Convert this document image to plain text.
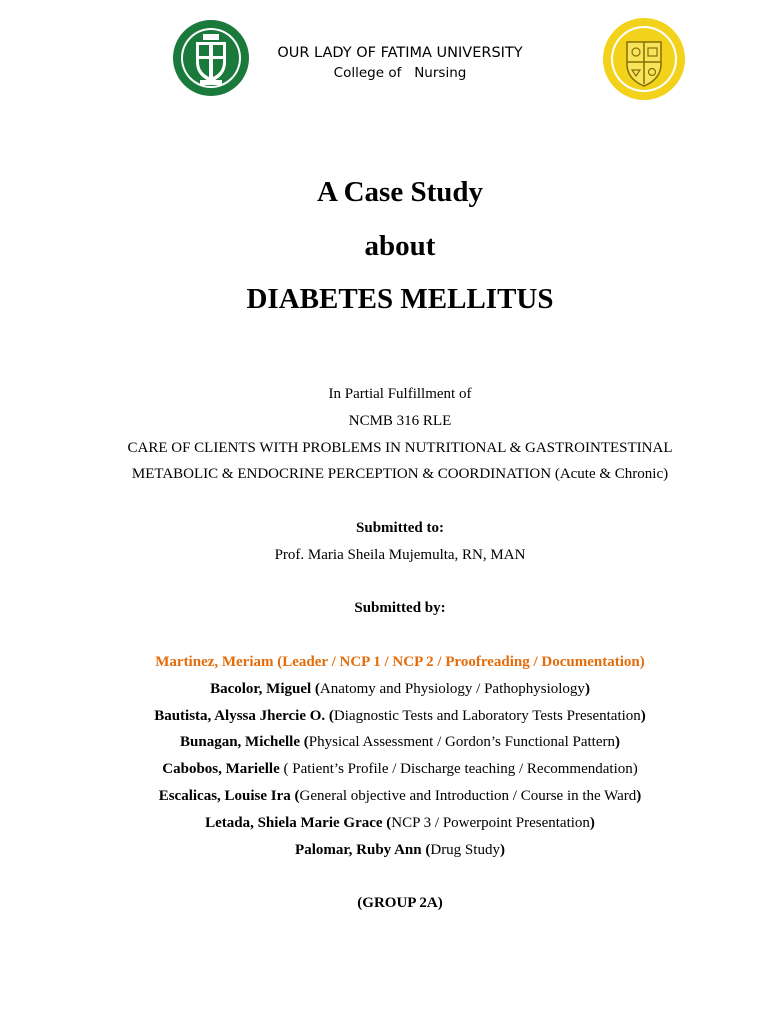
OUR LADY OF FATIMA UNIVERSITY
College of   Nursing
A Case Study
about
DIABETES MELLITUS
In Partial Fulfillment of
NCMB 316 RLE
CARE OF CLIENTS WITH PROBLEMS IN NUTRITIONAL & GASTROINTESTINAL
METABOLIC & ENDOCRINE PERCEPTION & COORDINATION (Acute & Chronic)
Submitted to:
Prof. Maria Sheila Mujemulta, RN, MAN
Submitted by:
Martinez, Meriam (Leader / NCP 1 / NCP 2 / Proofreading / Documentation)
Bacolor, Miguel (Anatomy and Physiology / Pathophysiology)
Bautista, Alyssa Jhercie O. (Diagnostic Tests and Laboratory Tests Presentation)
Bunagan, Michelle (Physical Assessment / Gordon’s Functional Pattern)
Cabobos, Marielle ( Patient’s Profile / Discharge teaching / Recommendation)
Escalicas, Louise Ira (General objective and Introduction / Course in the Ward)
Letada, Shiela Marie Grace (NCP 3 / Powerpoint Presentation)
Palomar, Ruby Ann (Drug Study)
(GROUP 2A)
